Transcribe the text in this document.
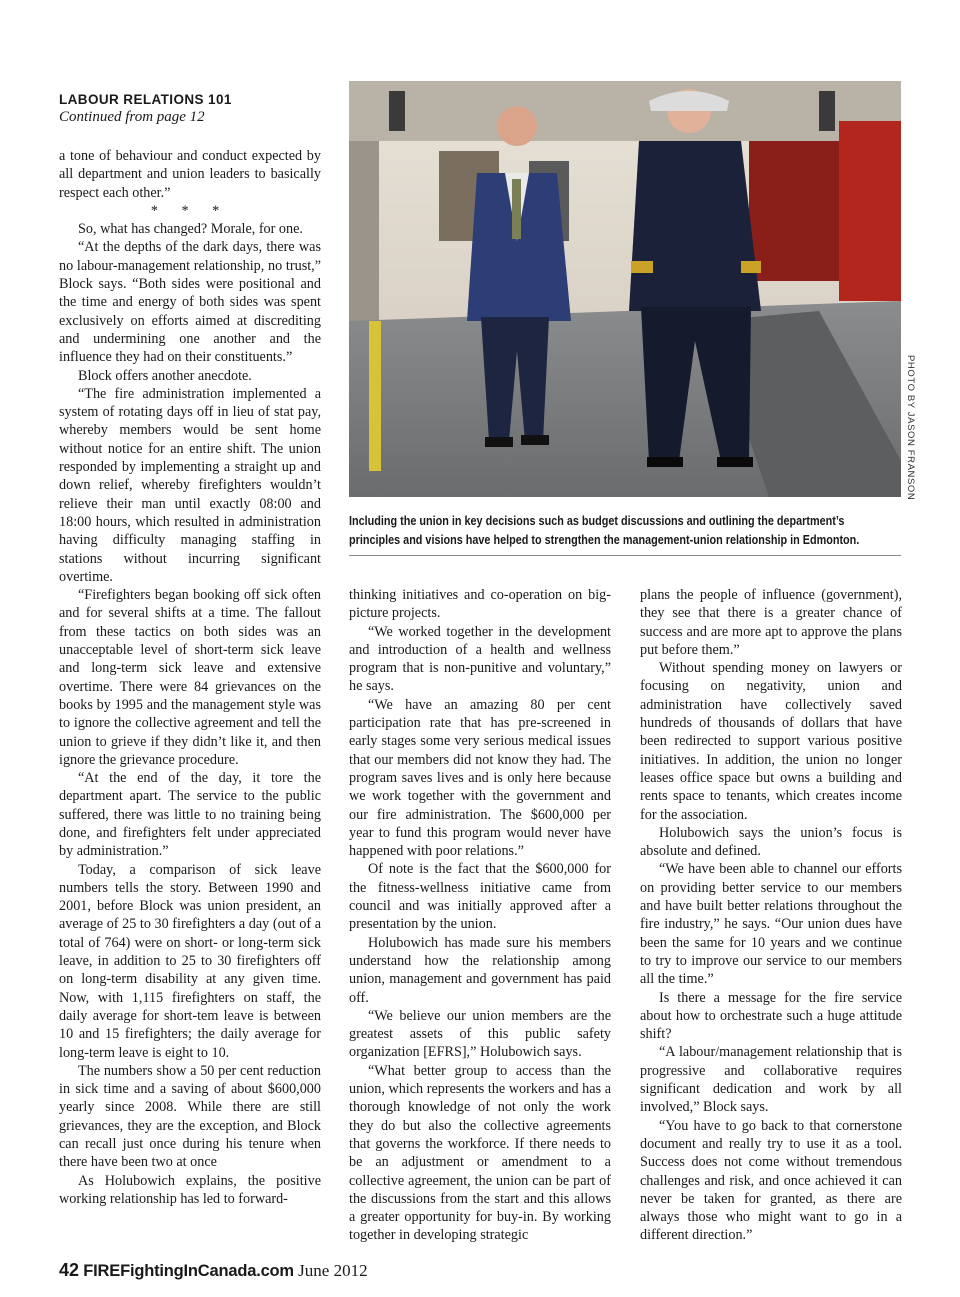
LABOUR RELATIONS 101
Continued from page 12

a tone of behaviour and conduct expected by all department and union leaders to basically respect each other.”

* * *

So, what has changed? Morale, for one.

“At the depths of the dark days, there was no labour-management relationship, no trust,” Block says. “Both sides were positional and the time and energy of both sides was spent exclusively on efforts aimed at discrediting and undermining one another and the influence they had on their constituents.”

Block offers another anecdote.

“The fire administration implemented a system of rotating days off in lieu of stat pay, whereby members would be sent home without notice for an entire shift. The union responded by implementing a straight up and down relief, whereby firefighters wouldn’t relieve their man until exactly 08:00 and 18:00 hours, which resulted in administration having difficulty managing staffing in stations without incurring significant overtime.

“Firefighters began booking off sick often and for several shifts at a time. The fallout from these tactics on both sides was an unacceptable level of short-term sick leave and long-term sick leave and extensive overtime. There were 84 grievances on the books by 1995 and the management style was to ignore the collective agreement and tell the union to grieve if they didn’t like it, and then ignore the grievance procedure.

“At the end of the day, it tore the department apart. The service to the public suffered, there was little to no training being done, and firefighters felt under appreciated by administration.”

Today, a comparison of sick leave numbers tells the story. Between 1990 and 2001, before Block was union president, an average of 25 to 30 firefighters a day (out of a total of 764) were on short- or long-term sick leave, in addition to 25 to 30 firefighters off on long-term disability at any given time. Now, with 1,115 firefighters on staff, the daily average for short-tem leave is between 10 and 15 firefighters; the daily average for long-term leave is eight to 10.

The numbers show a 50 per cent reduction in sick time and a saving of about $600,000 yearly since 2008. While there are still grievances, they are the exception, and Block can recall just once during his tenure when there have been two at once

As Holubowich explains, the positive working relationship has led to forward-

PHOTO BY JASON FRANSON
Including the union in key decisions such as budget discussions and outlining the department’s
principles and visions have helped to strengthen the management-union relationship in Edmonton.

thinking initiatives and co-operation on big-picture projects.

“We worked together in the development and introduction of a health and wellness program that is non-punitive and voluntary,” he says.

“We have an amazing 80 per cent participation rate that has pre-screened in early stages some very serious medical issues that our members did not know they had. The program saves lives and is only here because we work together with the government and our fire administration. The $600,000 per year to fund this program would never have happened with poor relations.”

Of note is the fact that the $600,000 for the fitness-wellness initiative came from council and was initially approved after a presentation by the union.

Holubowich has made sure his members understand how the relationship among union, management and government has paid off.

“We believe our union members are the greatest assets of this public safety organization [EFRS],” Holubowich says.

“What better group to access than the union, which represents the workers and has a thorough knowledge of not only the work they do but also the collective agreements that governs the workforce. If there needs to be an adjustment or amendment to a collective agreement, the union can be part of the discussions from the start and this allows a greater opportunity for buy-in. By working together in developing strategic

plans the people of influence (government), they see that there is a greater chance of success and are more apt to approve the plans put before them.”

Without spending money on lawyers or focusing on negativity, union and administration have collectively saved hundreds of thousands of dollars that have been redirected to support various positive initiatives. In addition, the union no longer leases office space but owns a building and rents space to tenants, which creates income for the association.

Holubowich says the union’s focus is absolute and defined.

“We have been able to channel our efforts on providing better service to our members and have built better relations throughout the fire industry,” he says. “Our union dues have been the same for 10 years and we continue to try to improve our service to our members all the time.”

Is there a message for the fire service about how to orchestrate such a huge attitude shift?

“A labour/management relationship that is progressive and collaborative requires significant dedication and work by all involved,” Block says.

“You have to go back to that cornerstone document and really try to use it as a tool. Success does not come without tremendous challenges and risk, and once achieved it can never be taken for granted, as there are always those who might want to go in a different direction.”

42 FIREFightingInCanada.com June 2012
